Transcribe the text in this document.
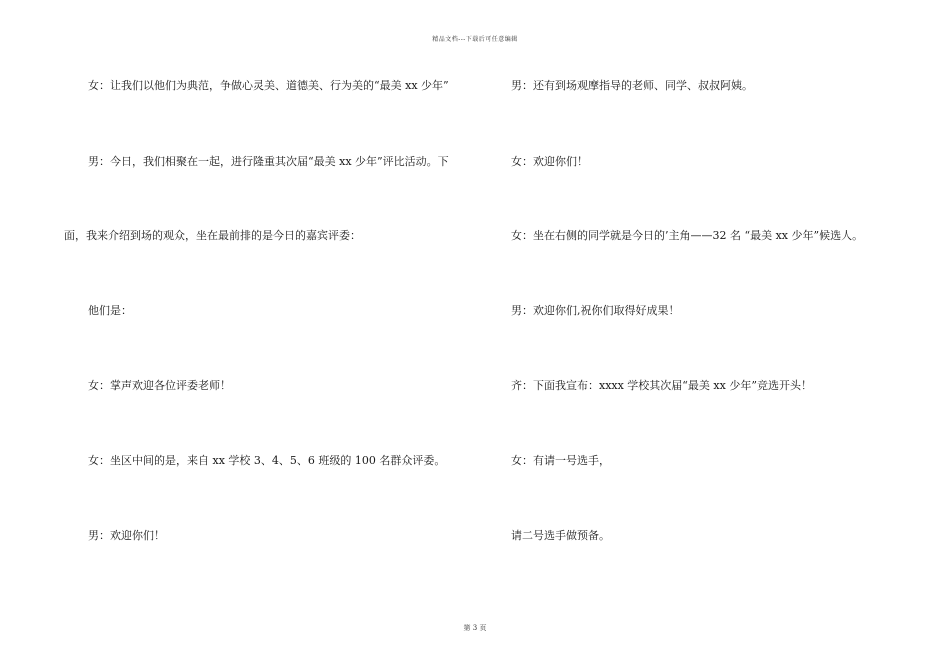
精品文档---下载后可任意编辑
女：让我们以他们为典范，争做心灵美、道德美、行为美的“最美 xx 少年”
男：今日，我们相聚在一起，进行隆重其次届“最美 xx 少年”评比活动。下
面，我来介绍到场的观众，坐在最前排的是今日的嘉宾评委：
他们是：
女：掌声欢迎各位评委老师！
女：坐区中间的是，来自 xx 学校 3、4、5、6 班级的 100 名群众评委。
男：欢迎你们！
男：还有到场观摩指导的老师、同学、叔叔阿姨。
女：欢迎你们！
女：坐在右侧的同学就是今日的’主角——32 名 “最美 xx 少年”候选人。
男：欢迎你们,祝你们取得好成果！
齐：下面我宣布：xxxx 学校其次届“最美 xx 少年”竞选开头！
女：有请一号选手，
请二号选手做预备。
第 3 页
